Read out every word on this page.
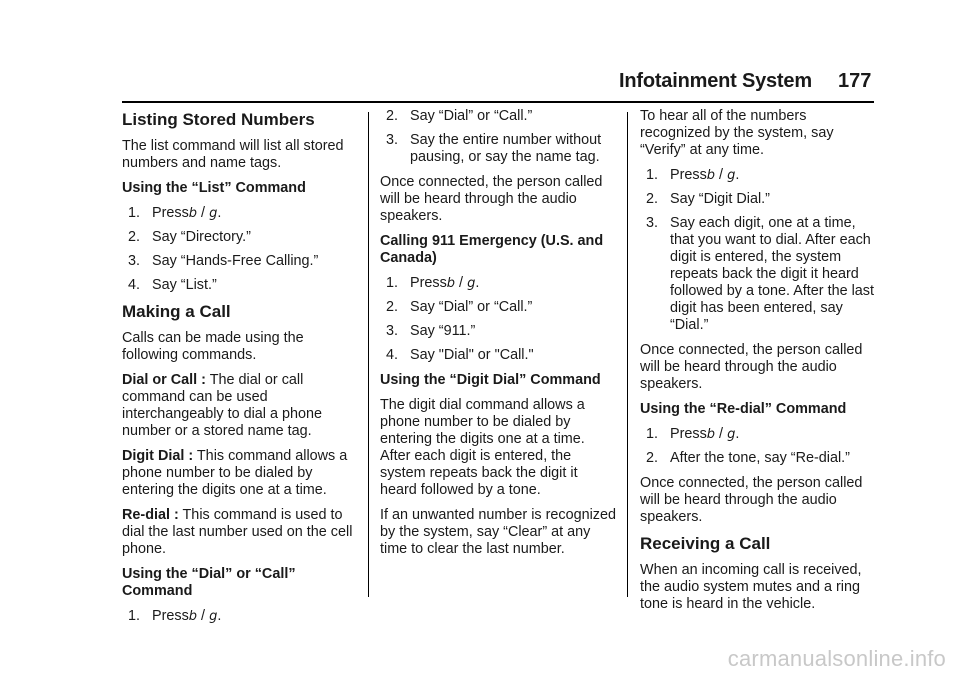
Infotainment System 177
Listing Stored Numbers

The list command will list all stored numbers and name tags.

Using the “List” Command

1. Pressb / g.
2. Say “Directory.”
3. Say “Hands-Free Calling.”
4. Say “List.”
Making a Call

Calls can be made using the following commands.

Dial or Call : The dial or call command can be used interchangeably to dial a phone number or a stored name tag.

Digit Dial : This command allows a phone number to be dialed by entering the digits one at a time.

Re-dial : This command is used to dial the last number used on the cell phone.

Using the “Dial” or “Call” Command

1. Pressb / g.
2. Say “Dial” or “Call.”
3. Say the entire number without pausing, or say the name tag.

Once connected, the person called will be heard through the audio speakers.

Calling 911 Emergency (U.S. and Canada)

1. Pressb / g.
2. Say “Dial” or “Call.”
3. Say “911.”
4. Say "Dial" or "Call."

Using the “Digit Dial” Command

The digit dial command allows a phone number to be dialed by entering the digits one at a time. After each digit is entered, the system repeats back the digit it heard followed by a tone.

If an unwanted number is recognized by the system, say “Clear” at any time to clear the last number.

To hear all of the numbers recognized by the system, say “Verify” at any time.

1. Pressb / g.
2. Say “Digit Dial.”
3. Say each digit, one at a time, that you want to dial. After each digit is entered, the system repeats back the digit it heard followed by a tone. After the last digit has been entered, say “Dial.”

Once connected, the person called will be heard through the audio speakers.

Using the “Re-dial” Command

1. Pressb / g.
2. After the tone, say “Re-dial.”

Once connected, the person called will be heard through the audio speakers.

Receiving a Call

When an incoming call is received, the audio system mutes and a ring tone is heard in the vehicle.

carmanualsonline.info
